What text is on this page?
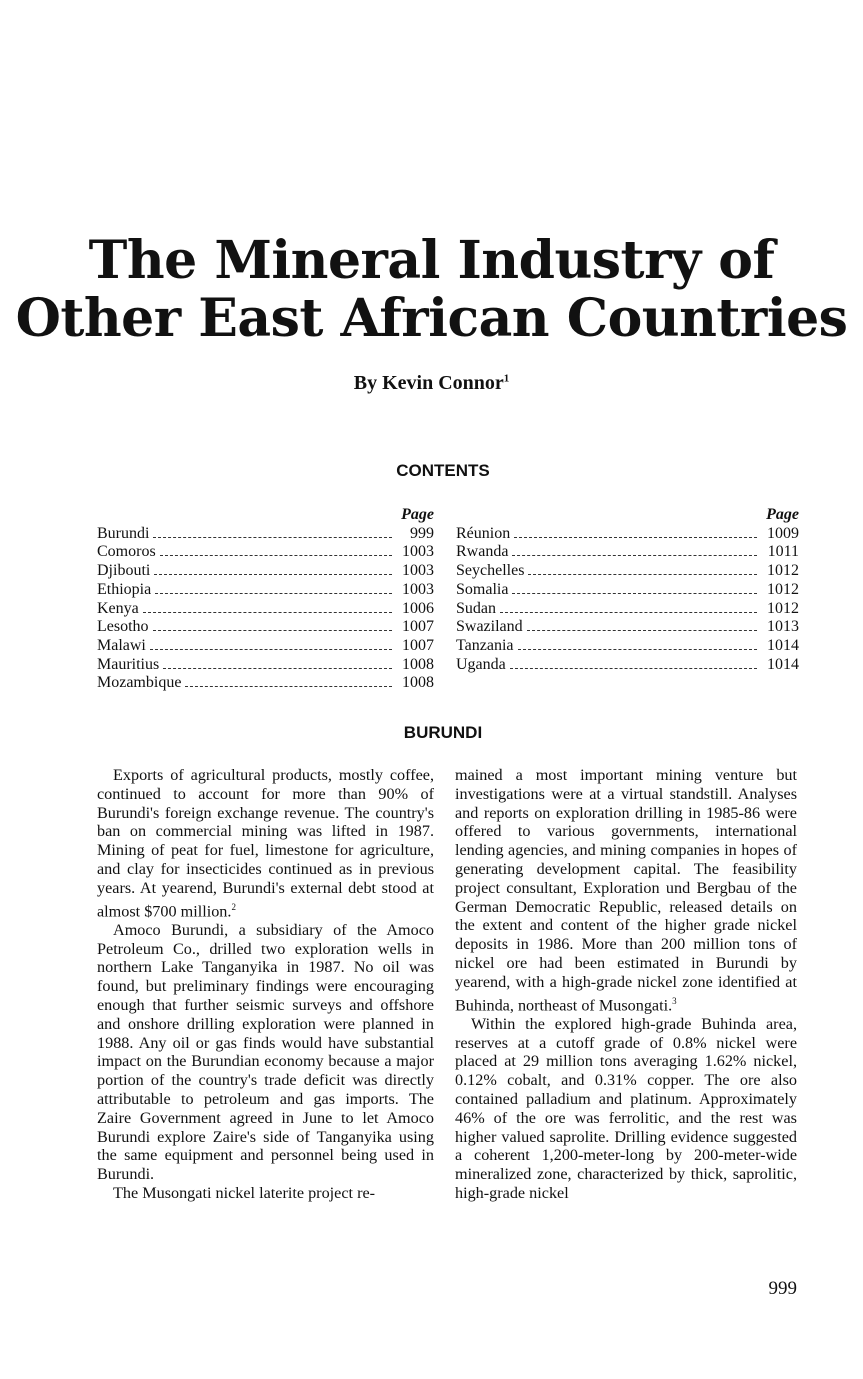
The Mineral Industry of
Other East African Countries

By Kevin Connor$^1$

CONTENTS
Page
Burundi	999
Comoros	1003
Djibouti	1003
Ethiopia	1003
Kenya	1006
Lesotho	1007
Malawi	1007
Mauritius	1008
Mozambique	1008
Page
Réunion	1009
Rwanda	1011
Seychelles	1012
Somalia	1012
Sudan	1012
Swaziland	1013
Tanzania	1014
Uganda	1014
BURUNDI

Exports of agricultural products, mostly coffee, continued to account for more than 90% of Burundi's foreign exchange revenue. The country's ban on commercial mining was lifted in 1987. Mining of peat for fuel, limestone for agriculture, and clay for insecticides continued as in previous years. At yearend, Burundi's external debt stood at almost $700 million.$^2$

Amoco Burundi, a subsidiary of the Amoco Petroleum Co., drilled two exploration wells in northern Lake Tanganyika in 1987. No oil was found, but preliminary findings were encouraging enough that further seismic surveys and offshore and onshore drilling exploration were planned in 1988. Any oil or gas finds would have substantial impact on the Burundian economy because a major portion of the country's trade deficit was directly attributable to petroleum and gas imports. The Zaire Government agreed in June to let Amoco Burundi explore Zaire's side of Tanganyika using the same equipment and personnel being used in Burundi.

The Musongati nickel laterite project re-

mained a most important mining venture but investigations were at a virtual standstill. Analyses and reports on exploration drilling in 1985-86 were offered to various governments, international lending agencies, and mining companies in hopes of generating development capital. The feasibility project consultant, Exploration und Bergbau of the German Democratic Republic, released details on the extent and content of the higher grade nickel deposits in 1986. More than 200 million tons of nickel ore had been estimated in Burundi by yearend, with a high-grade nickel zone identified at Buhinda, northeast of Musongati.$^3$

Within the explored high-grade Buhinda area, reserves at a cutoff grade of 0.8% nickel were placed at 29 million tons averaging 1.62% nickel, 0.12% cobalt, and 0.31% copper. The ore also contained palladium and platinum. Approximately 46% of the ore was ferrolitic, and the rest was higher valued saprolite. Drilling evidence suggested a coherent 1,200-meter-long by 200-meter-wide mineralized zone, characterized by thick, saprolitic, high-grade nickel

999
